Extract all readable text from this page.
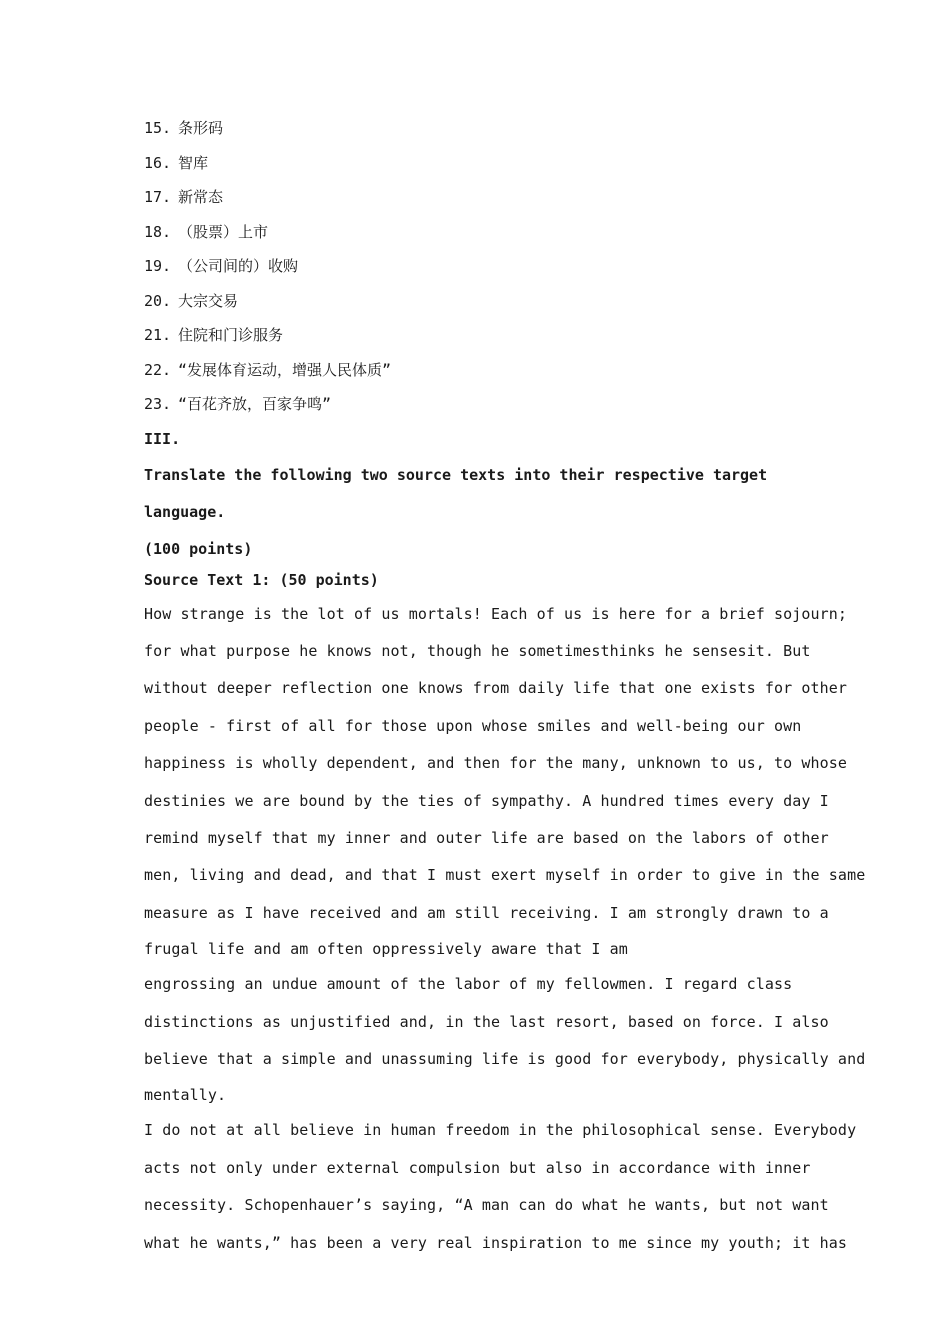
15. 条形码
16. 智库
17. 新常态
18. （股票）上市
19. （公司间的）收购
20. 大宗交易
21. 住院和门诊服务
22. “发展体育运动，增强人民体质”
23. “百花齐放，百家争鸣”
III.
Translate the following two source texts into their respective target language.
(100 points)
Source Text 1: (50 points)
How strange is the lot of us mortals! Each of us is here for a brief sojourn;
for what purpose he knows not, though he sometimesthinks he sensesit. But
without deeper reflection one knows from daily life that one exists for other
people - first of all for those upon whose smiles and well-being our own
happiness is wholly dependent, and then for the many, unknown to us, to whose
destinies we are bound by the ties of sympathy. A hundred times every day I
remind myself that my inner and outer life are based on the labors of other
men, living and dead, and that I must exert myself in order to give in the same
measure as I have received and am still receiving. I am strongly drawn to a
frugal life and am often oppressively aware that I am
engrossing an undue amount of the labor of my fellowmen. I regard class
distinctions as unjustified and, in the last resort, based on force. I also
believe that a simple and unassuming life is good for everybody, physically and
mentally.
I do not at all believe in human freedom in the philosophical sense. Everybody
acts not only under external compulsion but also in accordance with inner
necessity. Schopenhauer’s saying, “A man can do what he wants, but not want
what he wants,” has been a very real inspiration to me since my youth; it has
